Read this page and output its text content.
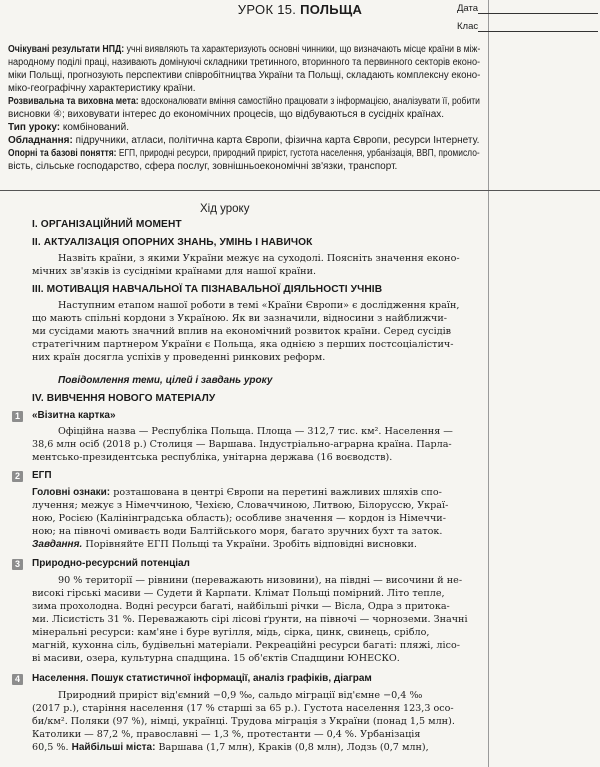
УРОК 15. ПОЛЬЩА	Дата
Клас
Очікувані результати НПД: учні виявляють та характеризують основні чинники, що визначають місце країни в між-
народному поділі праці, називають домінуючі складники третинного, вторинного та первинного секторів еконо-
міки Польщі, прогнозують перспективи співробітництва України та Польщі, складають комплексну еконо-
міко-географічну характеристику країни.
Розвивальна та виховна мета: вдосконалювати вміння самостійно працювати з інформацією, аналізувати її, робити
висновки ④; виховувати інтерес до економічних процесів, що відбуваються в сусідніх країнах.
Тип уроку: комбінований.
Обладнання: підручники, атласи, політична карта Європи, фізична карта Європи, ресурси Інтернету.
Опорні та базові поняття: ЕГП, природні ресурси, природний приріст, густота населення, урбанізація, ВВП, промисло-
вість, сільське господарство, сфера послуг, зовнішньоекономічні зв'язки, транспорт.
Хід уроку
I. ОРГАНІЗАЦІЙНИЙ МОМЕНТ
II. АКТУАЛІЗАЦІЯ ОПОРНИХ ЗНАНЬ, УМІНЬ І НАВИЧОК
Назвіть країни, з якими України межує на суходолі. Поясніть значення еконо-
мічних зв'язків із сусідніми країнами для нашої країни.
III. МОТИВАЦІЯ НАВЧАЛЬНОЇ ТА ПІЗНАВАЛЬНОЇ ДІЯЛЬНОСТІ УЧНІВ
Наступним етапом нашої роботи в темі «Країни Європи» є дослідження країн,
що мають спільні кордони з Україною. Як ви зазначили, відносини з найближчи-
ми сусідами мають значний вплив на економічний розвиток країни. Серед сусідів
стратегічним партнером України є Польща, яка однією з перших постсоціалістич-
них країн досягла успіхів у проведенні ринкових реформ.
Повідомлення теми, цілей і завдань уроку
IV. ВИВЧЕННЯ НОВОГО МАТЕРІАЛУ
1	«Візитна картка»
Офіційна назва — Республіка Польща. Площа — 312,7 тис. км². Населення —
38,6 млн осіб (2018 р.) Столиця — Варшава. Індустріально-аграрна країна. Парла-
ментсько-президентська республіка, унітарна держава (16 воєводств).
2	ЕГП
Головні ознаки: розташована в центрі Європи на перетині важливих шляхів спо-
лучення; межує з Німеччиною, Чехією, Словаччиною, Литвою, Білоруссю, Украї-
ною, Росією (Калінінградська область); особливе значення — кордон із Німеччи-
ною; на півночі омиваєть води Балтійського моря, багато зручних бухт та заток.
Завдання. Порівняйте ЕГП Польщі та України. Зробіть відповідні висновки.
3	Природно-ресурсний потенціал
90 % території — рівнини (переважають низовини), на півдні — височини й не-
високі гірські масиви — Судети й Карпати. Клімат Польщі помірний. Літо тепле,
зима прохолодна. Водні ресурси багаті, найбільші річки — Вісла, Одра з притока-
ми. Лісистість 31 %. Переважають сірі лісові ґрунти, на півночі — чорноземи. Значні
мінеральні ресурси: кам'яне і буре вугілля, мідь, сірка, цинк, свинець, срібло,
магній, кухонна сіль, будівельні матеріали. Рекреаційні ресурси багаті: пляжі, лісо-
ві масиви, озера, культурна спадщина. 15 об'єктів Спадщини ЮНЕСКО.
4	Населення. Пошук статистичної інформації, аналіз графіків, діаграм
Природний приріст від'ємний −0,9 ‰, сальдо міграції від'ємне −0,4 ‰
(2017 р.), старіння населення (17 % старші за 65 р.). Густота населення 123,3 осо-
би/км². Поляки (97 %), німці, українці. Трудова міграція з України (понад 1,5 млн).
Католики — 87,2 %, православні — 1,3 %, протестанти — 0,4 %. Урбанізація
60,5 %. Найбільші міста: Варшава (1,7 млн), Краків (0,8 млн), Лодзь (0,7 млн),
